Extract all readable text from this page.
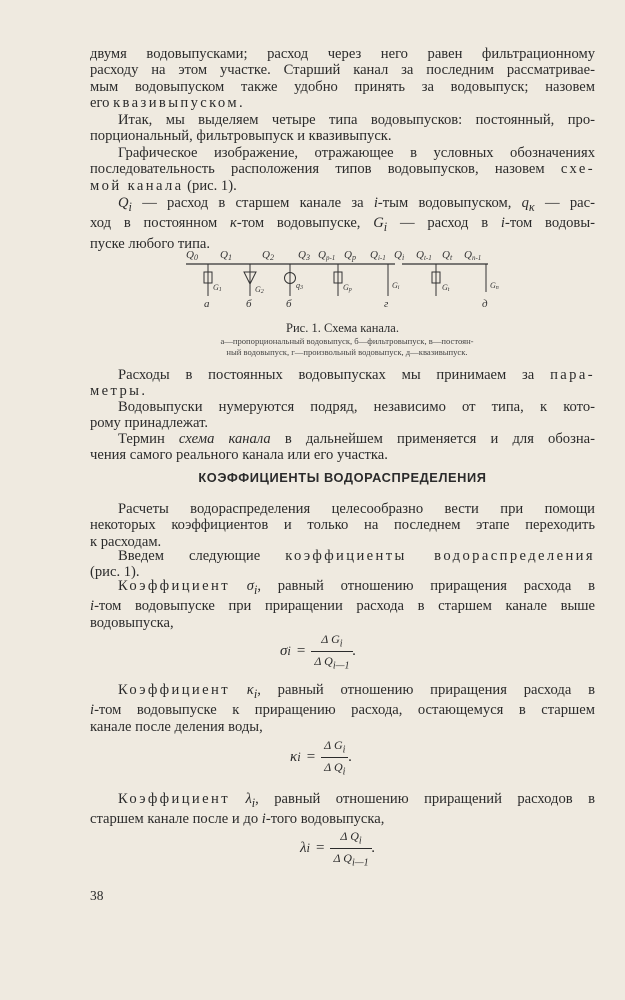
двумя водовыпусками; расход через него равен фильтрационному
расходу на этом участке. Старший канал за последним рассматривае-
мым водовыпуском также удобно принять за водовыпуск; назовем
его квазивыпуском.
Итак, мы выделяем четыре типа водовыпусков: постоянный, про-
порциональный, фильтровыпуск и квазивыпуск.
Графическое изображение, отражающее в условных обозначениях
последовательность расположения типов водовыпусков, назовем схе-
мой канала (рис. 1).
$Q_i$ — расход в старшем канале за i-тым водовыпуском, $q_\kappa$ — рас-
ход в постоянном к-том водовыпуске, $G_i$ — расход в i-том водовы-
пуске любого типа.
Q0 Q1	Q2 Q3 Qp-1 Qp Qi-1 Qi Qt-1 Qt Qn-1
G1
а
G2
б
q3
б
Gp	Gi
г
Gt	Gn
д

Рис. 1. Схема канала.

а—пропорциональный водовыпуск, б—фильтровыпуск, в—постоян-
ный водовыпуск, г—произвольный водовыпуск, д—квазивыпуск.
Расходы в постоянных водовыпусках мы принимаем за пара-
метры.
Водовыпуски нумеруются подряд, независимо от типа, к кото-
рому принадлежат.
Термин схема канала в дальнейшем применяется и для обозна-
чения самого реального канала или его участка.
КОЭФФИЦИЕНТЫ ВОДОРАСПРЕДЕЛЕНИЯ
Расчеты водораспределения целесообразно вести при помощи
некоторых коэффициентов и только на последнем этапе переходить
к расходам.
Введем следующие коэффициенты водораспределения
(рис. 1).
Коэффициент $\sigma_i$, равный отношению приращения расхода в
i-том водовыпуске при приращении расхода в старшем канале выше
водовыпуска,
σ $i = \frac{\Delta G_i}{\Delta Q_{i—1}}$ .
Коэффициент $\kappa_i$, равный отношению приращения расхода в
i-том водовыпуске к приращению расхода, остающемуся в старшем
канале после деления воды,
κ $i = \frac{\Delta G_i}{\Delta Q_i}$ .
Коэффициент $\lambda_i$, равный отношению приращений расходов в
старшем канале после и до i-того водовыпуска,
λ $i = \frac{\Delta Q_i}{\Delta Q_{i—1}}$ .
38
